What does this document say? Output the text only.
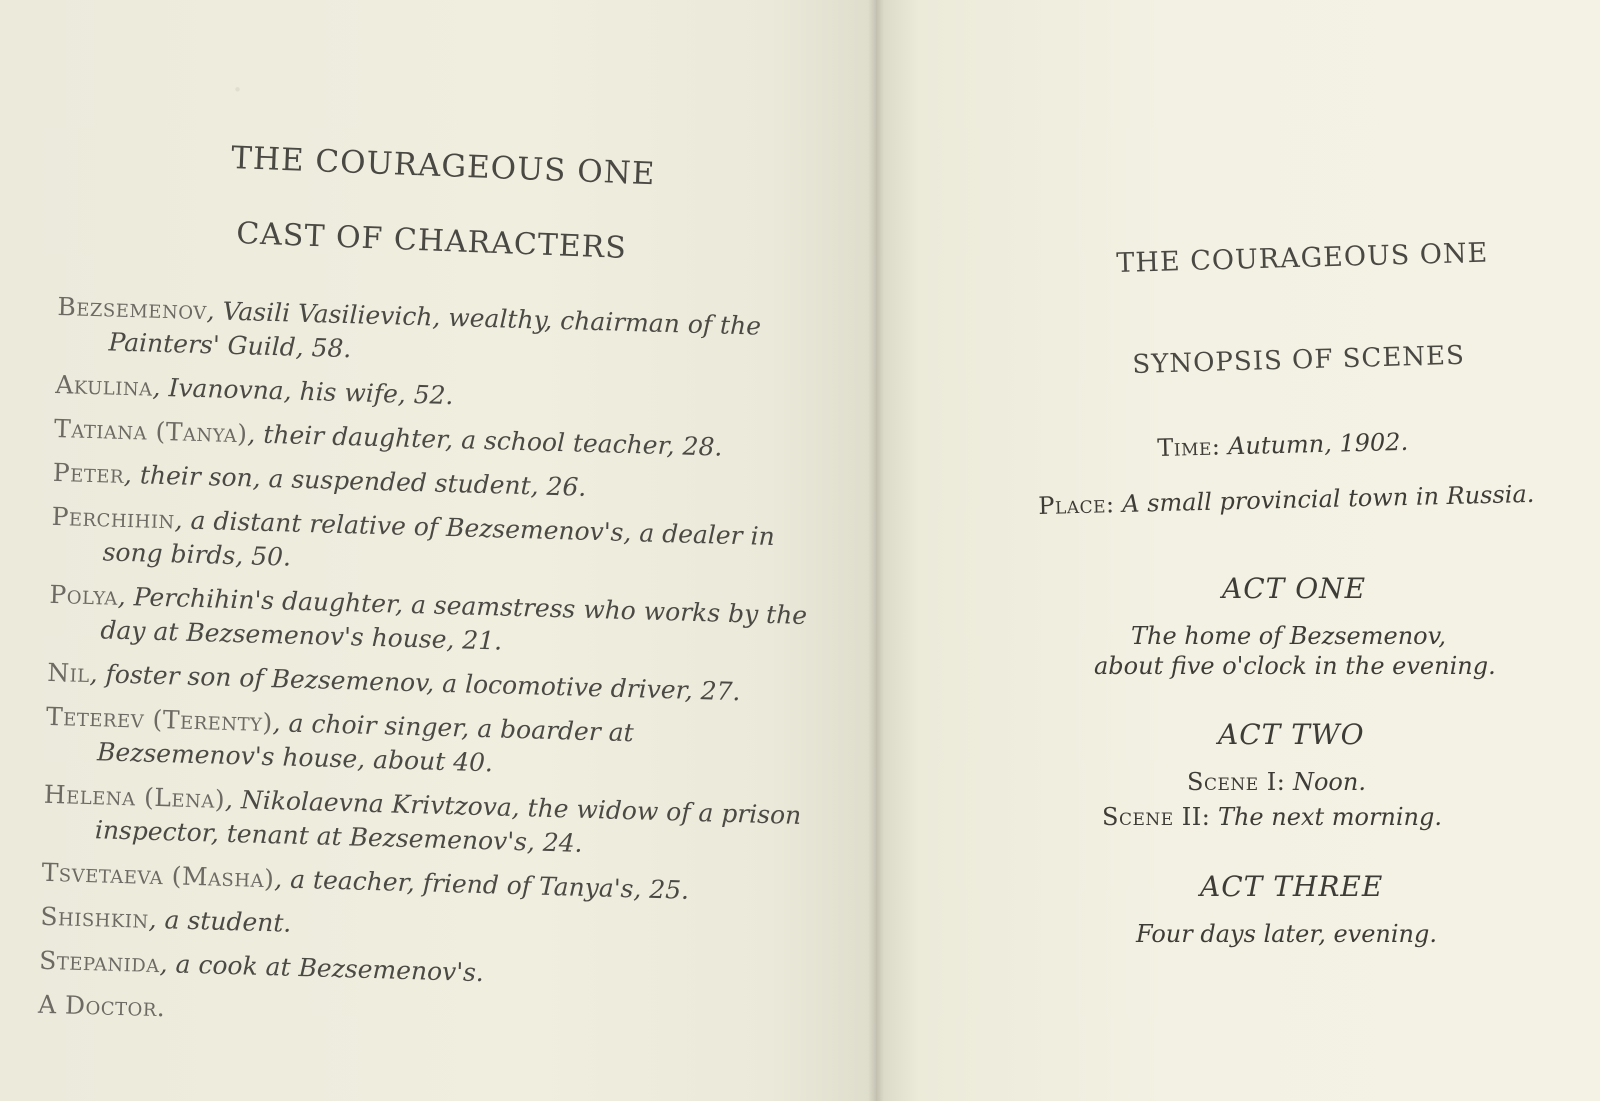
·
THE COURAGEOUS ONE
CAST OF CHARACTERS
Bezsemenov, Vasili Vasilievich, wealthy, chairman of the Painters' Guild, 58.
Akulina, Ivanovna, his wife, 52.
Tatiana (Tanya), their daughter, a school teacher, 28.
Peter, their son, a suspended student, 26.
Perchihin, a distant relative of Bezsemenov's, a dealer in song birds, 50.
Polya, Perchihin's daughter, a seamstress who works by the day at Bezsemenov's house, 21.
Nil, foster son of Bezsemenov, a locomotive driver, 27.
Teterev (Terenty), a choir singer, a boarder at Bezsemenov's house, about 40.
Helena (Lena), Nikolaevna Krivtzova, the widow of a prison inspector, tenant at Bezsemenov's, 24.
Tsvetaeva (Masha), a teacher, friend of Tanya's, 25.
Shishkin, a student.
Stepanida, a cook at Bezsemenov's.
A Doctor.
THE COURAGEOUS ONE
SYNOPSIS OF SCENES
Time: Autumn, 1902.
Place: A small provincial town in Russia.
ACT ONE
The home of Bezsemenov,
about five o'clock in the evening.
ACT TWO
Scene I: Noon.
Scene II: The next morning.
ACT THREE
Four days later, evening.
